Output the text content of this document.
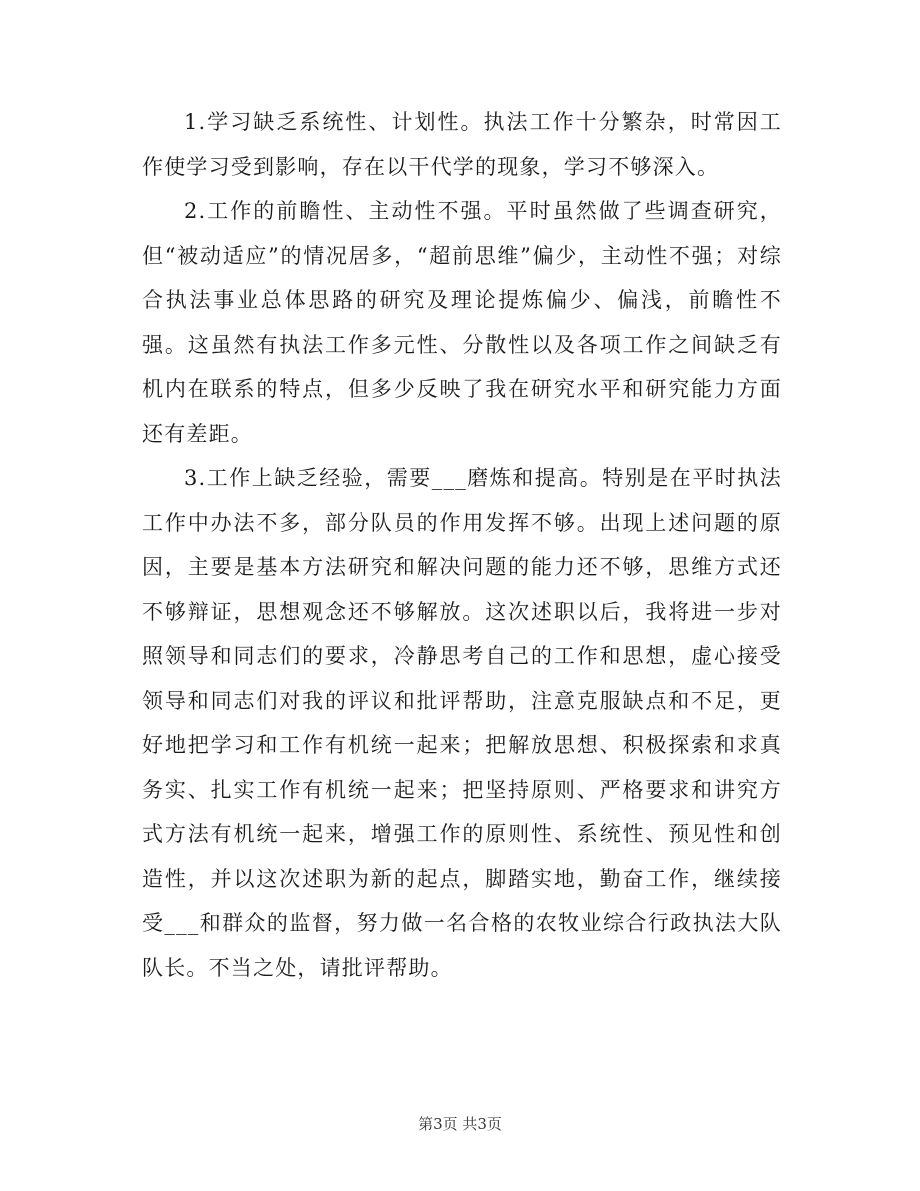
1.学习缺乏系统性、计划性。执法工作十分繁杂，时常因工作使学习受到影响，存在以干代学的现象，学习不够深入。

2.工作的前瞻性、主动性不强。平时虽然做了些调查研究，但“被动适应”的情况居多，“超前思维”偏少，主动性不强；对综合执法事业总体思路的研究及理论提炼偏少、偏浅，前瞻性不强。这虽然有执法工作多元性、分散性以及各项工作之间缺乏有机内在联系的特点，但多少反映了我在研究水平和研究能力方面还有差距。

3.工作上缺乏经验，需要___磨炼和提高。特别是在平时执法工作中办法不多，部分队员的作用发挥不够。出现上述问题的原因，主要是基本方法研究和解决问题的能力还不够，思维方式还不够辩证，思想观念还不够解放。这次述职以后，我将进一步对照领导和同志们的要求，冷静思考自己的工作和思想，虚心接受领导和同志们对我的评议和批评帮助，注意克服缺点和不足，更好地把学习和工作有机统一起来；把解放思想、积极探索和求真务实、扎实工作有机统一起来；把坚持原则、严格要求和讲究方式方法有机统一起来，增强工作的原则性、系统性、预见性和创造性，并以这次述职为新的起点，脚踏实地，勤奋工作，继续接受___和群众的监督，努力做一名合格的农牧业综合行政执法大队队长。不当之处，请批评帮助。

第3页 共3页
